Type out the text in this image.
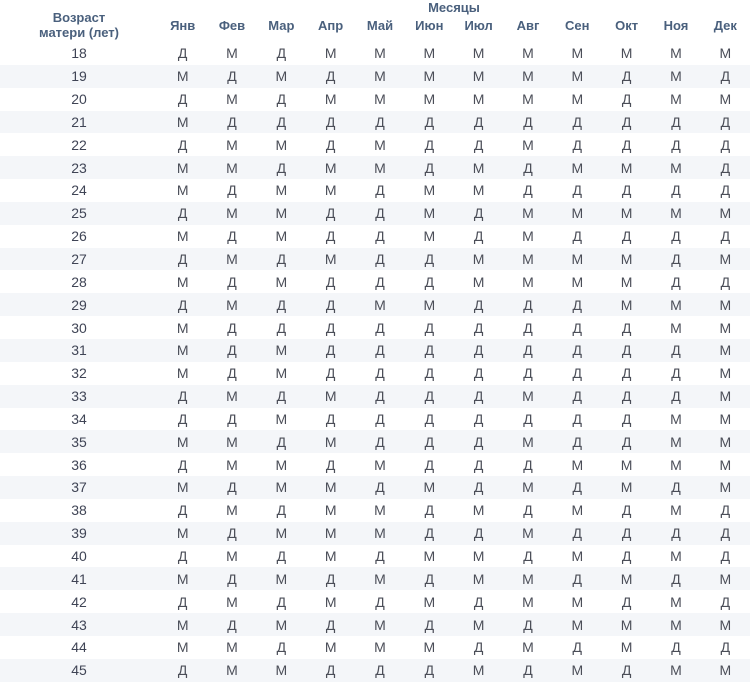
Возраст
матери (лет)	Месяцы											
	Янв	Фев	Мар	Апр	Май	Июн	Июл	Авг	Сен	Окт	Ноя	Дек
18	Д	М	Д	М	М	М	М	М	М	М	М	М
19	М	Д	М	Д	М	М	М	М	М	Д	М	Д
20	Д	М	Д	М	М	М	М	М	М	Д	М	М
21	М	Д	Д	Д	Д	Д	Д	Д	Д	Д	Д	Д
22	Д	М	М	Д	М	Д	Д	М	Д	Д	Д	Д
23	М	М	Д	М	М	Д	М	Д	М	М	М	Д
24	М	Д	М	М	Д	М	М	Д	Д	Д	Д	Д
25	Д	М	М	Д	Д	М	Д	М	М	М	М	М
26	М	Д	М	Д	Д	М	Д	М	Д	Д	Д	Д
27	Д	М	Д	М	Д	Д	М	М	М	М	Д	М
28	М	Д	М	Д	Д	Д	М	М	М	М	Д	Д
29	Д	М	Д	Д	М	М	Д	Д	Д	М	М	М
30	М	Д	Д	Д	Д	Д	Д	Д	Д	Д	М	М
31	М	Д	М	Д	Д	Д	Д	Д	Д	Д	Д	М
32	М	Д	М	Д	Д	Д	Д	Д	Д	Д	Д	М
33	Д	М	Д	М	Д	Д	Д	М	Д	Д	Д	М
34	Д	Д	М	Д	Д	Д	Д	Д	Д	Д	М	М
35	М	М	Д	М	Д	Д	Д	М	Д	Д	М	М
36	Д	М	М	Д	М	Д	Д	Д	М	М	М	М
37	М	Д	М	М	Д	М	Д	М	Д	М	Д	М
38	Д	М	Д	М	М	Д	М	Д	М	Д	М	Д
39	М	Д	М	М	М	Д	Д	М	Д	Д	Д	Д
40	Д	М	Д	М	Д	М	М	Д	М	Д	М	Д
41	М	Д	М	Д	М	Д	М	М	Д	М	Д	М
42	Д	М	Д	М	Д	М	Д	М	М	Д	М	Д
43	М	Д	М	Д	М	Д	М	Д	М	М	М	М
44	М	М	Д	М	М	М	Д	М	Д	М	Д	Д
45	Д	М	М	Д	Д	Д	М	Д	М	Д	М	М
